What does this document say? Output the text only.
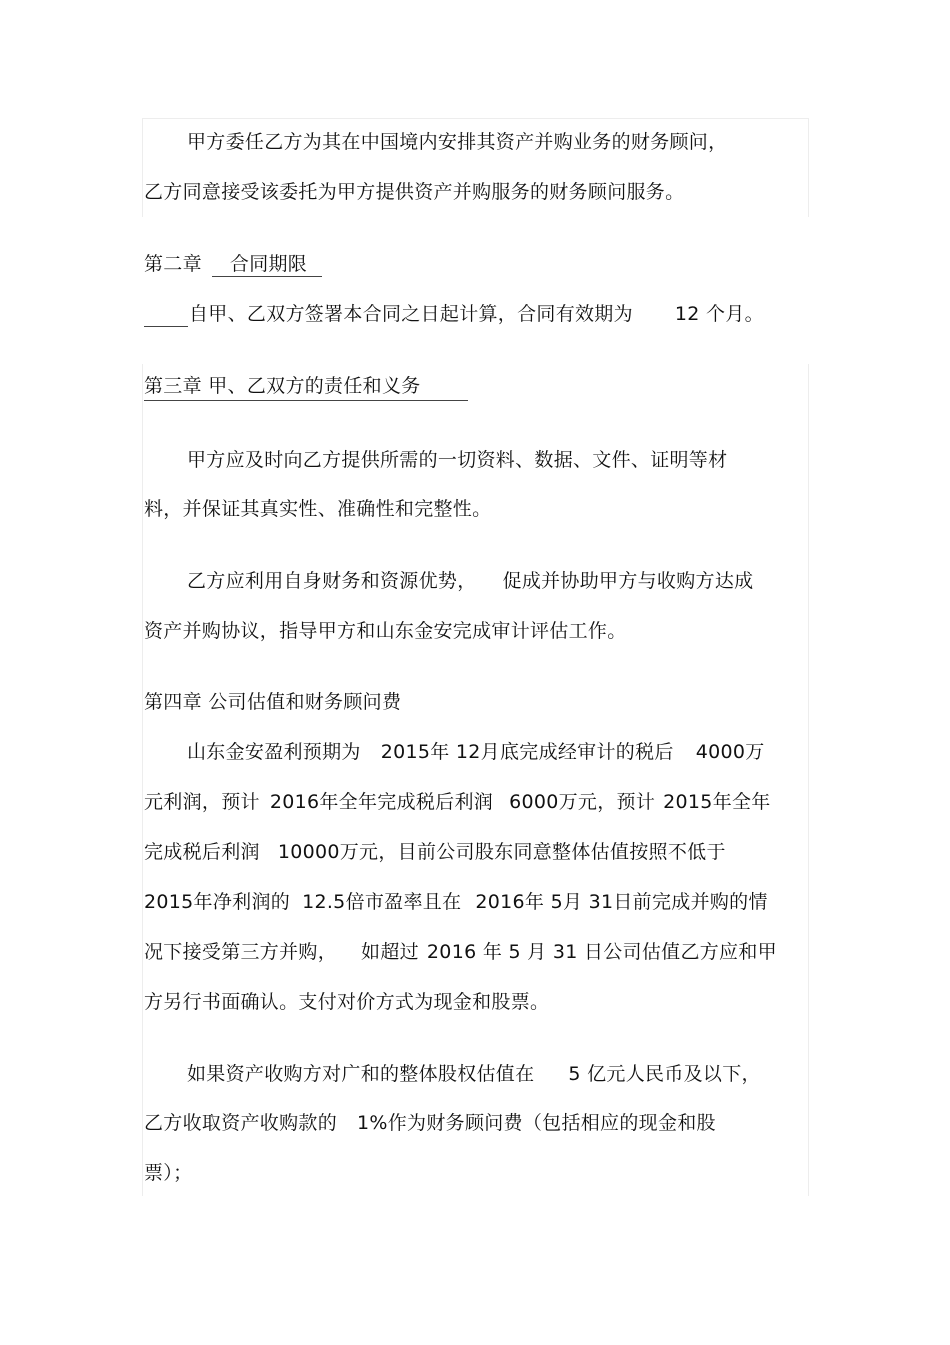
甲方委任乙方为其在中国境内安排其资产并购业务的财务顾问，
乙方同意接受该委托为甲方提供资产并购服务的财务顾问服务。
第二章 合同期限
自甲、乙双方签署本合同之日起计算，合同有效期为 12 个月。
第三章 甲、乙双方的责任和义务
甲方应及时向乙方提供所需的一切资料、数据、文件、证明等材
料，并保证其真实性、准确性和完整性。
乙方应利用自身财务和资源优势， 促成并协助甲方与收购方达成
资产并购协议，指导甲方和山东金安完成审计评估工作。
第四章 公司估值和财务顾问费
山东金安盈利预期为 2015年 12月底完成经审计的税后 4000万
元利润，预计 2016年全年完成税后利润 6000万元，预计 2015年全年
完成税后利润 10000万元，目前公司股东同意整体估值按照不低于
2015年净利润的 12.5倍市盈率且在 2016年 5月 31日前完成并购的情
况下接受第三方并购， 如超过 2016 年 5 月 31 日公司估值乙方应和甲
方另行书面确认。支付对价方式为现金和股票。
如果资产收购方对广和的整体股权估值在 5 亿元人民币及以下，
乙方收取资产收购款的 1%作为财务顾问费（包括相应的现金和股
票）；
